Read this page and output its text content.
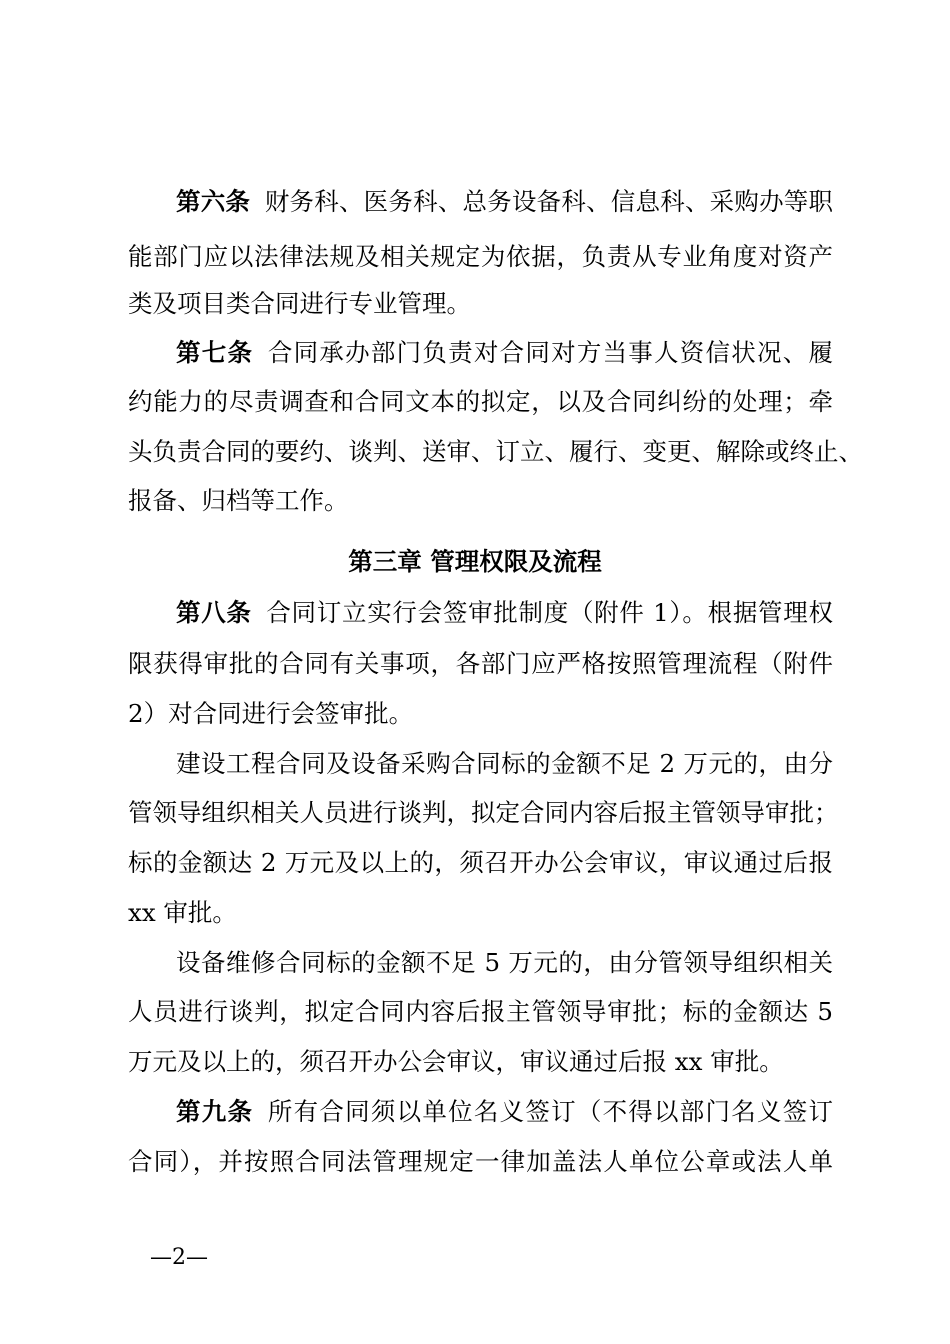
第六条 财务科、医务科、总务设备科、信息科、采购办等职
能部门应以法律法规及相关规定为依据，负责从专业角度对资产
类及项目类合同进行专业管理。
第七条 合同承办部门负责对合同对方当事人资信状况、履
约能力的尽责调查和合同文本的拟定，以及合同纠纷的处理；牵
头负责合同的要约、谈判、送审、订立、履行、变更、解除或终止、
报备、归档等工作。
第三章 管理权限及流程
第八条 合同订立实行会签审批制度（附件 1）。根据管理权
限获得审批的合同有关事项，各部门应严格按照管理流程（附件
2）对合同进行会签审批。
建设工程合同及设备采购合同标的金额不足 2 万元的，由分
管领导组织相关人员进行谈判，拟定合同内容后报主管领导审批；
标的金额达 2 万元及以上的，须召开办公会审议，审议通过后报
xx 审批。
设备维修合同标的金额不足 5 万元的，由分管领导组织相关
人员进行谈判，拟定合同内容后报主管领导审批；标的金额达 5
万元及以上的，须召开办公会审议，审议通过后报 xx 审批。
第九条 所有合同须以单位名义签订（不得以部门名义签订
合同），并按照合同法管理规定一律加盖法人单位公章或法人单
—2—
